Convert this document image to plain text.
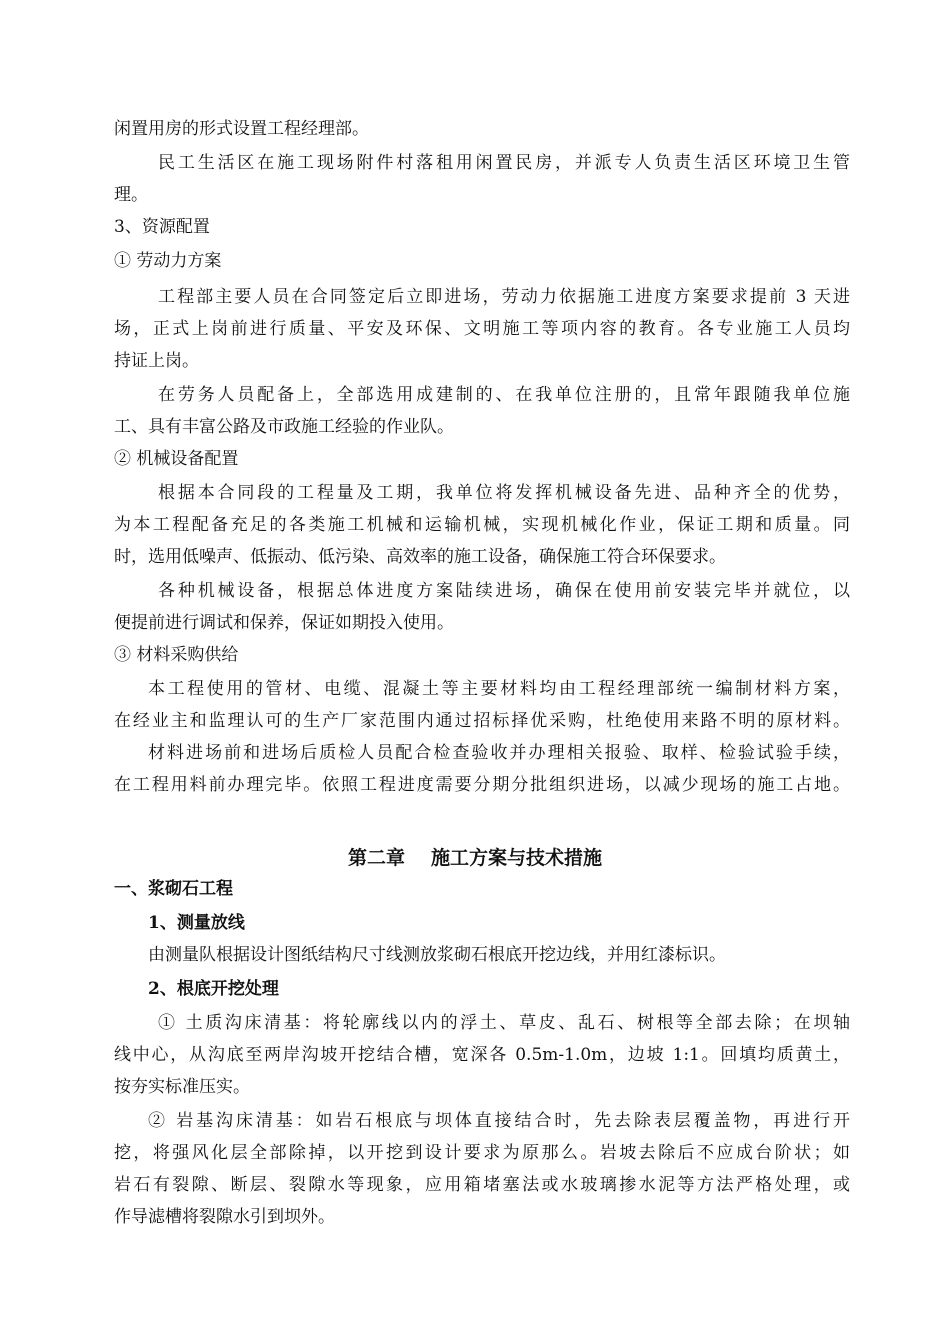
闲置用房的形式设置工程经理部。
民工生活区在施工现场附件村落租用闲置民房，并派专人负责生活区环境卫生管
理。
3、资源配置
① 劳动力方案
工程部主要人员在合同签定后立即进场，劳动力依据施工进度方案要求提前 3 天进
场，正式上岗前进行质量、平安及环保、文明施工等项内容的教育。各专业施工人员均
持证上岗。
在劳务人员配备上，全部选用成建制的、在我单位注册的，且常年跟随我单位施
工、具有丰富公路及市政施工经验的作业队。
② 机械设备配置
根据本合同段的工程量及工期，我单位将发挥机械设备先进、品种齐全的优势，
为本工程配备充足的各类施工机械和运输机械，实现机械化作业，保证工期和质量。同
时，选用低噪声、低振动、低污染、高效率的施工设备，确保施工符合环保要求。
各种机械设备，根据总体进度方案陆续进场，确保在使用前安装完毕并就位，以
便提前进行调试和保养，保证如期投入使用。
③ 材料采购供给
本工程使用的管材、电缆、混凝土等主要材料均由工程经理部统一编制材料方案，
在经业主和监理认可的生产厂家范围内通过招标择优采购，杜绝使用来路不明的原材料。
材料进场前和进场后质检人员配合检查验收并办理相关报验、取样、检验试验手续，
在工程用料前办理完毕。依照工程进度需要分期分批组织进场，以减少现场的施工占地。
第二章 施工方案与技术措施
一、浆砌石工程
1、测量放线
由测量队根据设计图纸结构尺寸线测放浆砌石根底开挖边线，并用红漆标识。
2、根底开挖处理
① 土质沟床清基：将轮廓线以内的浮土、草皮、乱石、树根等全部去除；在坝轴
线中心，从沟底至两岸沟坡开挖结合槽，宽深各 0.5m-1.0m，边坡 1:1。回填均质黄土，
按夯实标准压实。
② 岩基沟床清基：如岩石根底与坝体直接结合时，先去除表层覆盖物，再进行开
挖，将强风化层全部除掉，以开挖到设计要求为原那么。岩坡去除后不应成台阶状；如
岩石有裂隙、断层、裂隙水等现象，应用箱堵塞法或水玻璃掺水泥等方法严格处理，或
作导滤槽将裂隙水引到坝外。
